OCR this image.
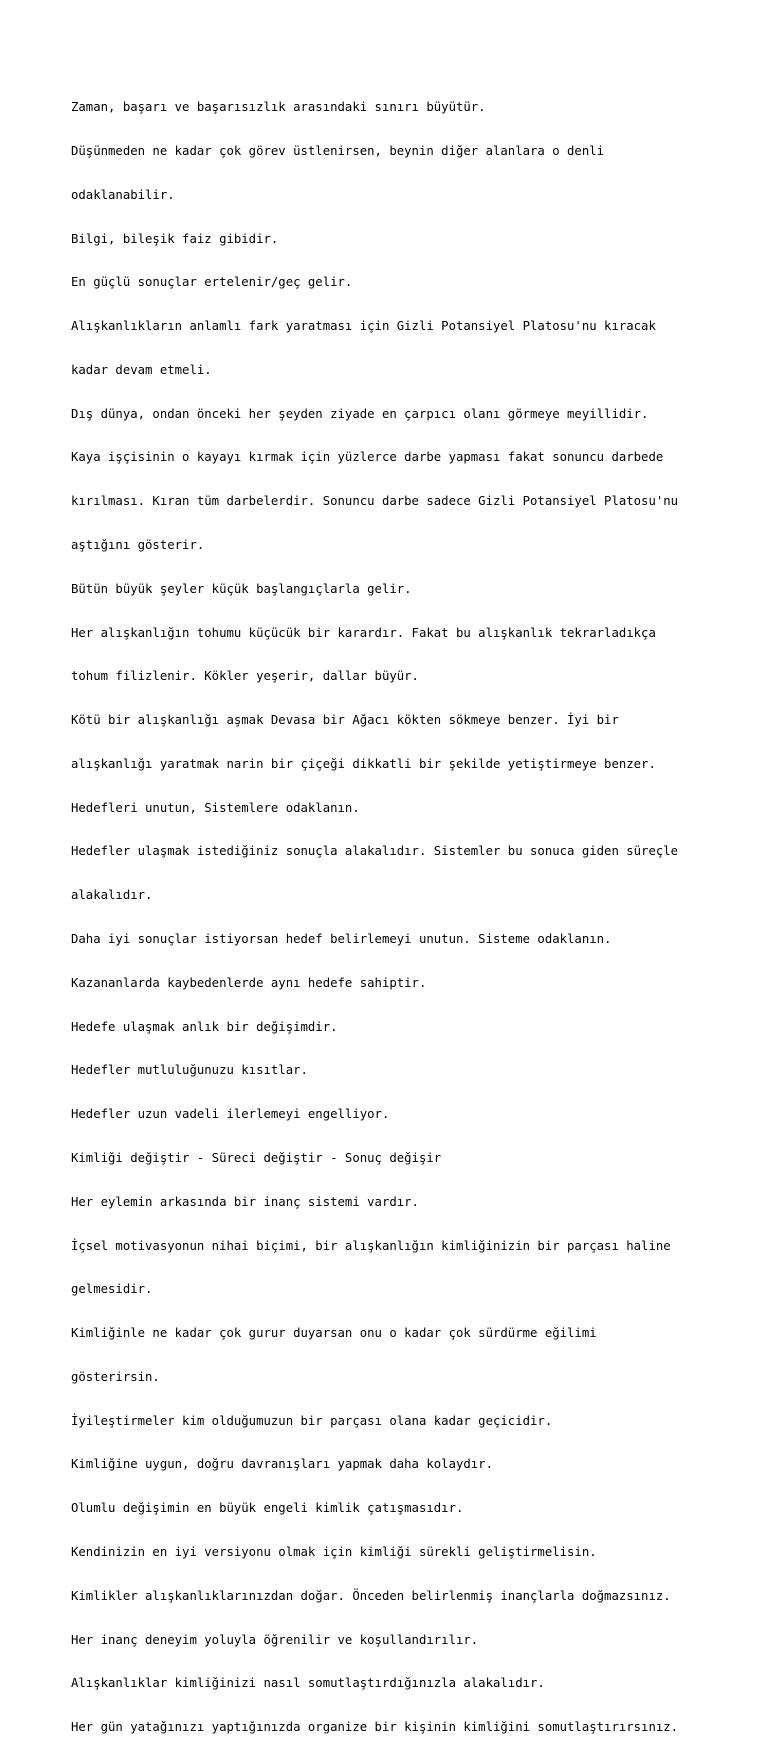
Zaman, başarı ve başarısızlık arasındaki sınırı büyütür.

Düşünmeden ne kadar çok görev üstlenirsen, beynin diğer alanlara o denli

odaklanabilir.

Bilgi, bileşik faiz gibidir.

En güçlü sonuçlar ertelenir/geç gelir.

Alışkanlıkların anlamlı fark yaratması için Gizli Potansiyel Platosu'nu kıracak

kadar devam etmeli.

Dış dünya, ondan önceki her şeyden ziyade en çarpıcı olanı görmeye meyillidir.

Kaya işçisinin o kayayı kırmak için yüzlerce darbe yapması fakat sonuncu darbede

kırılması. Kıran tüm darbelerdir. Sonuncu darbe sadece Gizli Potansiyel Platosu'nu

aştığını gösterir.

Bütün büyük şeyler küçük başlangıçlarla gelir.

Her alışkanlığın tohumu küçücük bir karardır. Fakat bu alışkanlık tekrarladıkça

tohum filizlenir. Kökler yeşerir, dallar büyür.

Kötü bir alışkanlığı aşmak Devasa bir Ağacı kökten sökmeye benzer. İyi bir

alışkanlığı yaratmak narin bir çiçeği dikkatli bir şekilde yetiştirmeye benzer.

Hedefleri unutun, Sistemlere odaklanın.

Hedefler ulaşmak istediğiniz sonuçla alakalıdır. Sistemler bu sonuca giden süreçle

alakalıdır.

Daha iyi sonuçlar istiyorsan hedef belirlemeyi unutun. Sisteme odaklanın.

Kazananlarda kaybedenlerde aynı hedefe sahiptir.

Hedefe ulaşmak anlık bir değişimdir.

Hedefler mutluluğunuzu kısıtlar.

Hedefler uzun vadeli ilerlemeyi engelliyor.

Kimliği değiştir - Süreci değiştir - Sonuç değişir

Her eylemin arkasında bir inanç sistemi vardır.

İçsel motivasyonun nihai biçimi, bir alışkanlığın kimliğinizin bir parçası haline

gelmesidir.

Kimliğinle ne kadar çok gurur duyarsan onu o kadar çok sürdürme eğilimi

gösterirsin.

İyileştirmeler kim olduğumuzun bir parçası olana kadar geçicidir.

Kimliğine uygun, doğru davranışları yapmak daha kolaydır.

Olumlu değişimin en büyük engeli kimlik çatışmasıdır.

Kendinizin en iyi versiyonu olmak için kimliği sürekli geliştirmelisin.

Kimlikler alışkanlıklarınızdan doğar. Önceden belirlenmiş inançlarla doğmazsınız.

Her inanç deneyim yoluyla öğrenilir ve koşullandırılır.

Alışkanlıklar kimliğinizi nasıl somutlaştırdığınızla alakalıdır.

Her gün yatağınızı yaptığınızda organize bir kişinin kimliğini somutlaştırırsınız.
